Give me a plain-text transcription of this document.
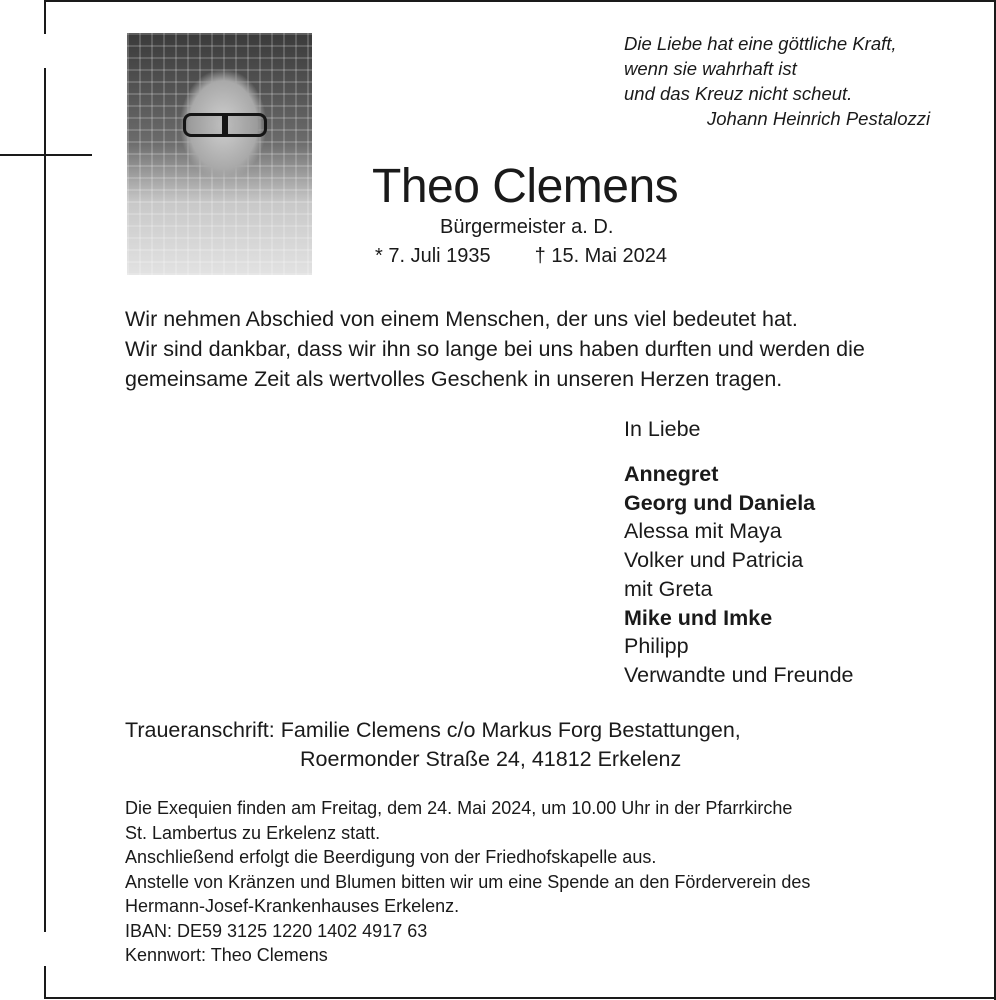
Die Liebe hat eine göttliche Kraft,
wenn sie wahrhaft ist
und das Kreuz nicht scheut.
Johann Heinrich Pestalozzi
Theo Clemens
Bürgermeister a. D.
* 7. Juli 1935 † 15. Mai 2024
Wir nehmen Abschied von einem Menschen, der uns viel bedeutet hat.
Wir sind dankbar, dass wir ihn so lange bei uns haben durften und werden die
gemeinsame Zeit als wertvolles Geschenk in unseren Herzen tragen.
In Liebe
Annegret
Georg und Daniela
Alessa mit Maya
Volker und Patricia
mit Greta
Mike und Imke
Philipp
Verwandte und Freunde
Traueranschrift: Familie Clemens c/o Markus Forg Bestattungen,
Roermonder Straße 24, 41812 Erkelenz
Die Exequien finden am Freitag, dem 24. Mai 2024, um 10.00 Uhr in der Pfarrkirche
St. Lambertus zu Erkelenz statt.
Anschließend erfolgt die Beerdigung von der Friedhofskapelle aus.
Anstelle von Kränzen und Blumen bitten wir um eine Spende an den Förderverein des
Hermann-Josef-Krankenhauses Erkelenz.
IBAN: DE59 3125 1220 1402 4917 63
Kennwort: Theo Clemens
